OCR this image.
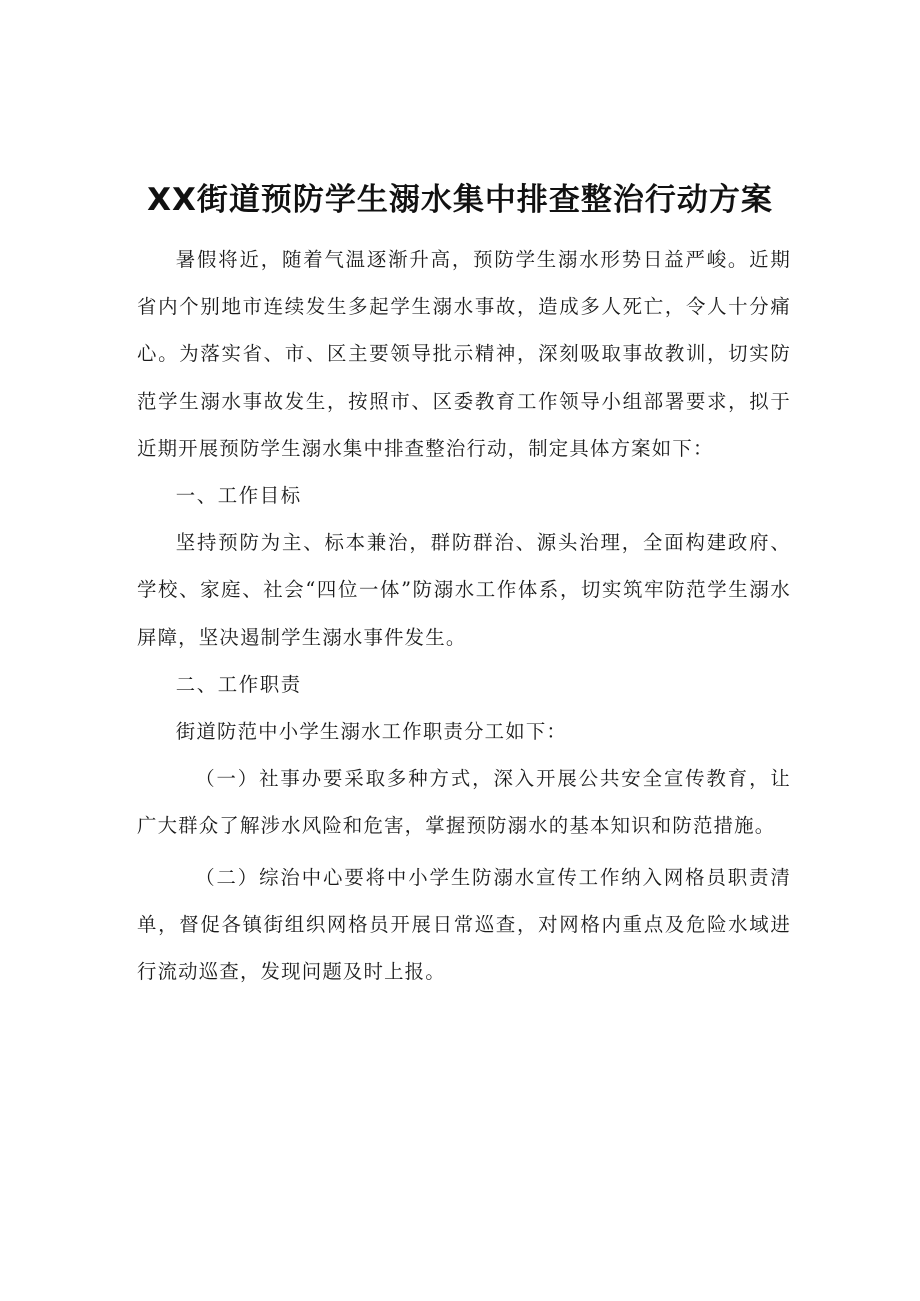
XX街道预防学生溺水集中排查整治行动方案

暑假将近，随着气温逐渐升高，预防学生溺水形势日益严峻。近期省内个别地市连续发生多起学生溺水事故，造成多人死亡，令人十分痛心。为落实省、市、区主要领导批示精神，深刻吸取事故教训，切实防范学生溺水事故发生，按照市、区委教育工作领导小组部署要求，拟于近期开展预防学生溺水集中排查整治行动，制定具体方案如下：

一、工作目标

坚持预防为主、标本兼治，群防群治、源头治理，全面构建政府、学校、家庭、社会“四位一体”防溺水工作体系，切实筑牢防范学生溺水屏障，坚决遏制学生溺水事件发生。

二、工作职责

街道防范中小学生溺水工作职责分工如下：

（一）社事办要采取多种方式，深入开展公共安全宣传教育，让广大群众了解涉水风险和危害，掌握预防溺水的基本知识和防范措施。

（二）综治中心要将中小学生防溺水宣传工作纳入网格员职责清单，督促各镇街组织网格员开展日常巡查，对网格内重点及危险水域进行流动巡查，发现问题及时上报。
